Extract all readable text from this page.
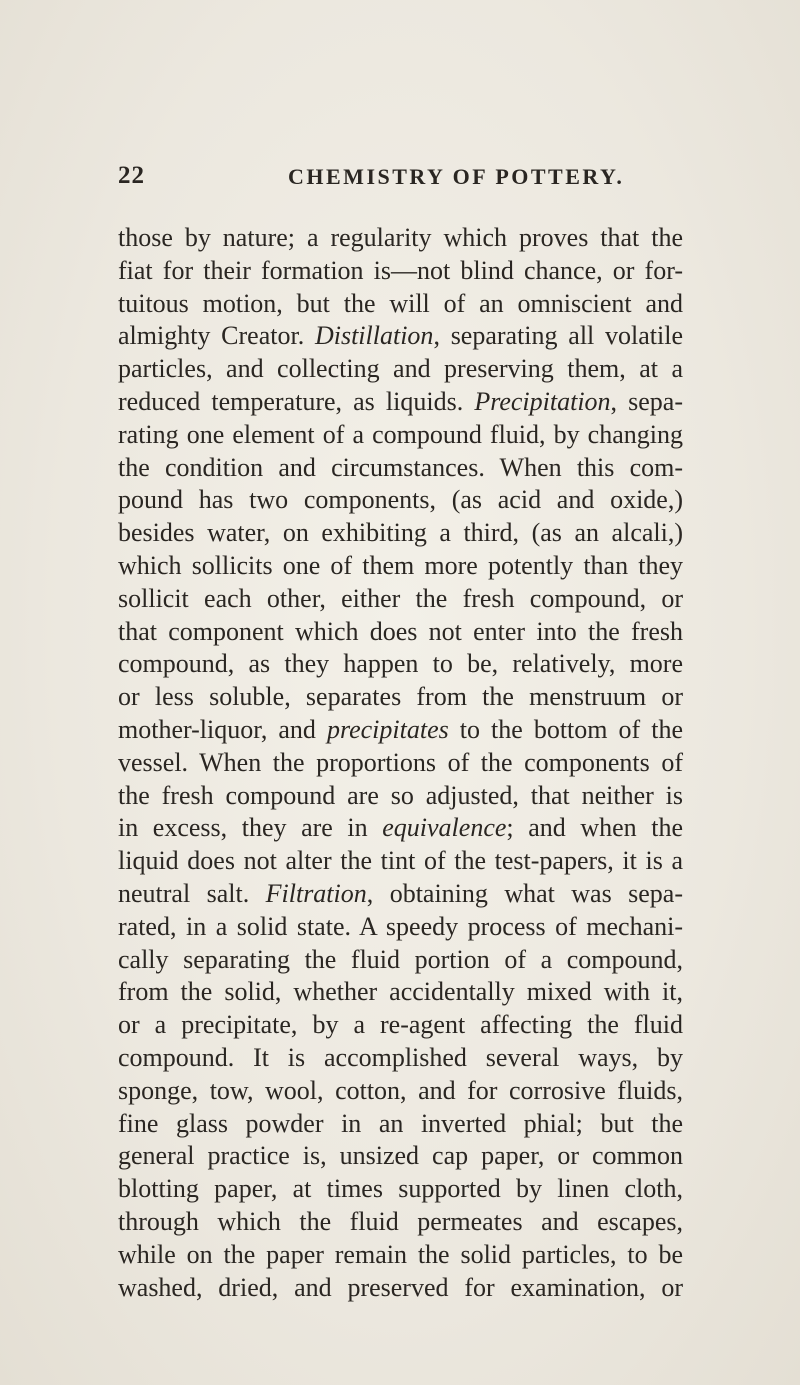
22	CHEMISTRY OF POTTERY.
those by nature; a regularity which proves that the
fiat for their formation is—not blind chance, or for-
tuitous motion, but the will of an omniscient and
almighty Creator. Distillation, separating all volatile
particles, and collecting and preserving them, at a
reduced temperature, as liquids. Precipitation, sepa-
rating one element of a compound fluid, by changing
the condition and circumstances. When this com-
pound has two components, (as acid and oxide,)
besides water, on exhibiting a third, (as an alcali,)
which sollicits one of them more potently than they
sollicit each other, either the fresh compound, or
that component which does not enter into the fresh
compound, as they happen to be, relatively, more
or less soluble, separates from the menstruum or
mother-liquor, and precipitates to the bottom of the
vessel. When the proportions of the components of
the fresh compound are so adjusted, that neither is
in excess, they are in equivalence; and when the
liquid does not alter the tint of the test-papers, it is a
neutral salt. Filtration, obtaining what was sepa-
rated, in a solid state. A speedy process of mechani-
cally separating the fluid portion of a compound,
from the solid, whether accidentally mixed with it,
or a precipitate, by a re-agent affecting the fluid
compound. It is accomplished several ways, by
sponge, tow, wool, cotton, and for corrosive fluids,
fine glass powder in an inverted phial; but the
general practice is, unsized cap paper, or common
blotting paper, at times supported by linen cloth,
through which the fluid permeates and escapes,
while on the paper remain the solid particles, to be
washed, dried, and preserved for examination, or
